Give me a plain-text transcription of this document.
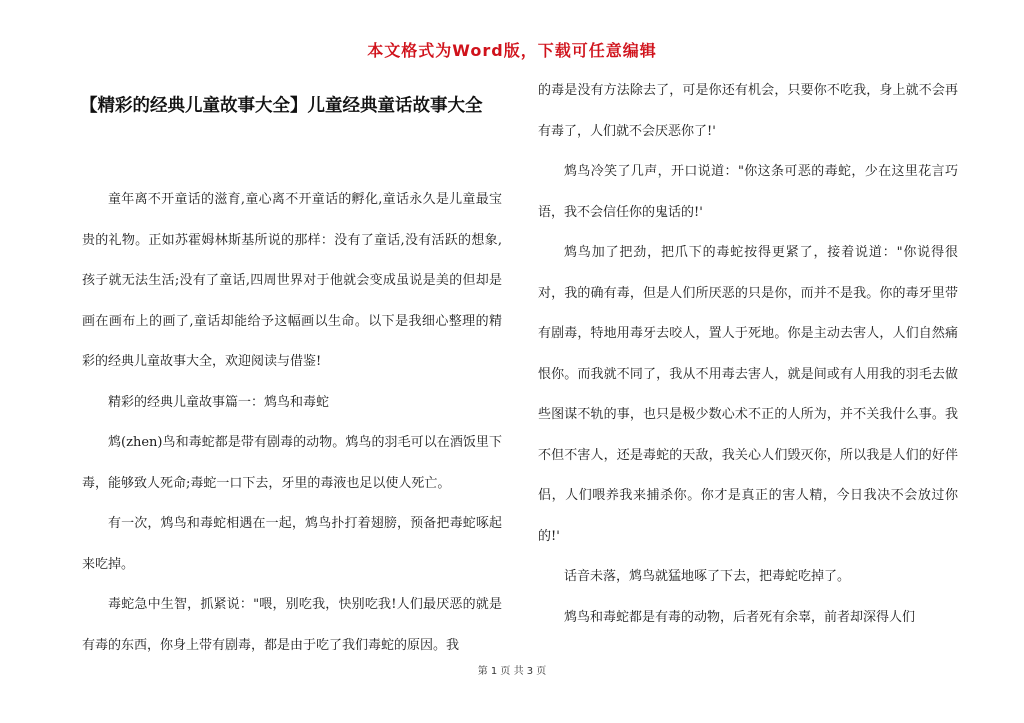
本文格式为Word版，下载可任意编辑
【精彩的经典儿童故事大全】儿童经典童话故事大全

童年离不开童话的滋育,童心离不开童话的孵化,童话永久是儿童最宝贵的礼物。正如苏霍姆林斯基所说的那样：没有了童话,没有活跃的想象,孩子就无法生活;没有了童话,四周世界对于他就会变成虽说是美的但却是画在画布上的画了,童话却能给予这幅画以生命。以下是我细心整理的精彩的经典儿童故事大全，欢迎阅读与借鉴!

精彩的经典儿童故事篇一：鸩鸟和毒蛇

鸩(zhen)鸟和毒蛇都是带有剧毒的动物。鸩鸟的羽毛可以在酒饭里下毒，能够致人死命;毒蛇一口下去，牙里的毒液也足以使人死亡。

有一次，鸩鸟和毒蛇相遇在一起，鸩鸟扑打着翅膀，预备把毒蛇啄起来吃掉。

毒蛇急中生智，抓紧说："喂，别吃我，快别吃我!人们最厌恶的就是有毒的东西，你身上带有剧毒，都是由于吃了我们毒蛇的原因。我

的毒是没有方法除去了，可是你还有机会，只要你不吃我，身上就不会再有毒了，人们就不会厌恶你了!'

鸩鸟冷笑了几声，开口说道："你这条可恶的毒蛇，少在这里花言巧语，我不会信任你的鬼话的!'

鸩鸟加了把劲，把爪下的毒蛇按得更紧了，接着说道："你说得很对，我的确有毒，但是人们所厌恶的只是你，而并不是我。你的毒牙里带有剧毒，特地用毒牙去咬人，置人于死地。你是主动去害人，人们自然痛恨你。而我就不同了，我从不用毒去害人，就是间或有人用我的羽毛去做些图谋不轨的事，也只是极少数心术不正的人所为，并不关我什么事。我不但不害人，还是毒蛇的天敌，我关心人们毁灭你，所以我是人们的好伴侣，人们喂养我来捕杀你。你才是真正的害人精，今日我决不会放过你的!'

话音未落，鸩鸟就猛地啄了下去，把毒蛇吃掉了。

鸩鸟和毒蛇都是有毒的动物，后者死有余辜，前者却深得人们

第 1 页 共 3 页
